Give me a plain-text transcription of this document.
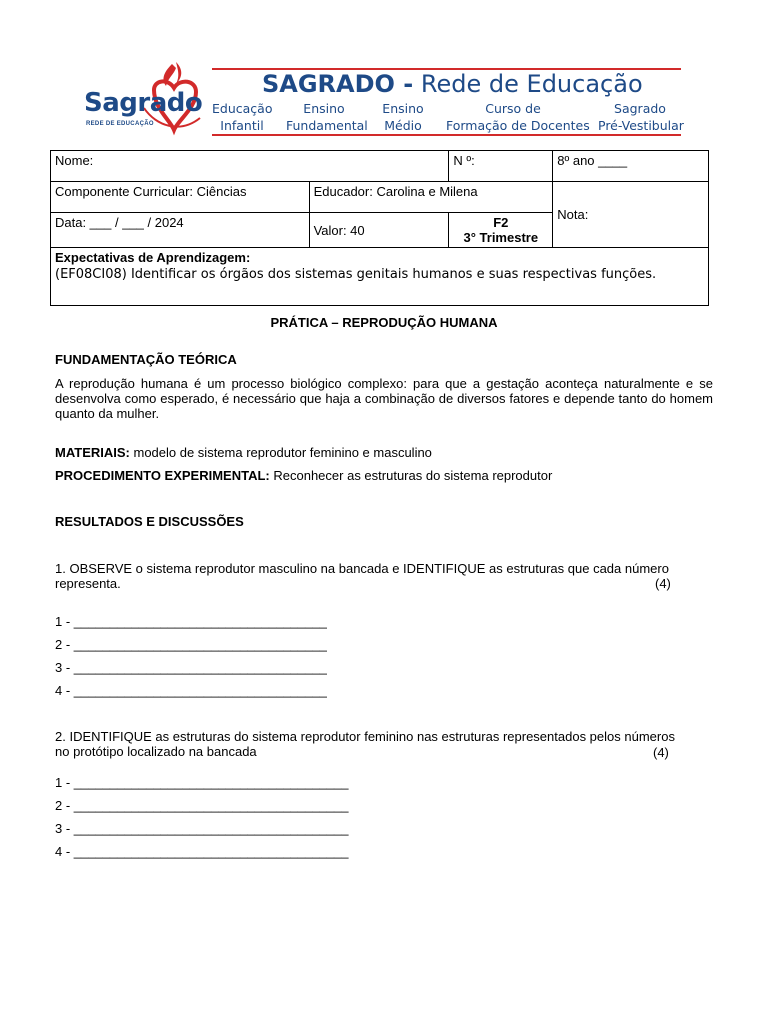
Sagrado
REDE DE EDUCAÇÃO
SAGRADO - Rede de Educação
Educação
Infantil
Ensino
Fundamental
Ensino
Médio
Curso de
Formação de Docentes
Sagrado
Pré-Vestibular
Nome:		N º:	8º ano ____
Componente Curricular: Ciências	Educador: Carolina e Milena		Nota:
Data: ___ / ___ / 2024	Valor: 40	F2
3° Trimestre	

Expectativas de Aprendizagem:
(EF08CI08) Identificar os órgãos dos sistemas genitais humanos e suas respectivas funções.			
PRÁTICA – REPRODUÇÃO HUMANA
FUNDAMENTAÇÃO TEÓRICA
A reprodução humana é um processo biológico complexo: para que a gestação aconteça naturalmente e se desenvolva como esperado, é necessário que haja a combinação de diversos fatores e depende tanto do homem quanto da mulher.
MATERIAIS: modelo de sistema reprodutor feminino e masculino
PROCEDIMENTO EXPERIMENTAL: Reconhecer as estruturas do sistema reprodutor
RESULTADOS E DISCUSSÕES
1. OBSERVE o sistema reprodutor masculino na bancada e IDENTIFIQUE as estruturas que cada número representa.	(4)
1 - ___________________________________
2 - ___________________________________
3 - ___________________________________
4 - ___________________________________
2. IDENTIFIQUE as estruturas do sistema reprodutor feminino nas estruturas representados pelos números no protótipo localizado na bancada	(4)
1 - ______________________________________
2 - ______________________________________
3 - ______________________________________
4 - ______________________________________
